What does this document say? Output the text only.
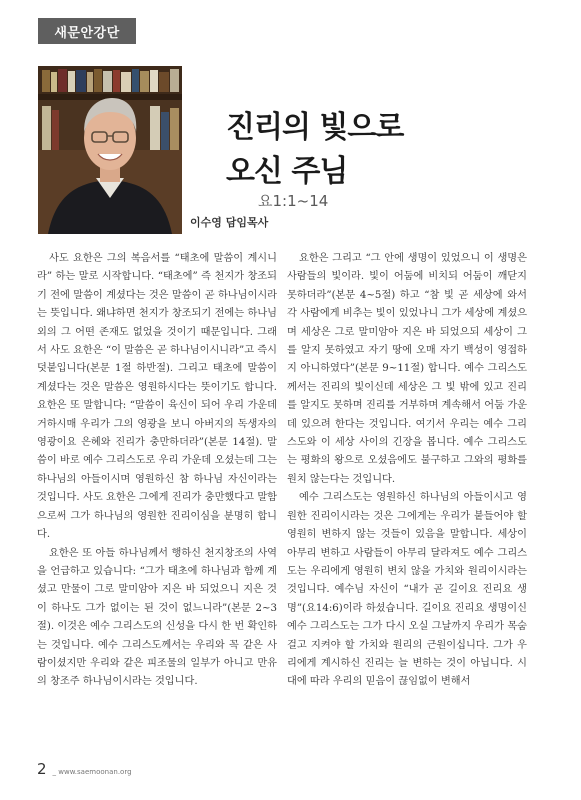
새문안강단
이수영 담임목사
진리의 빛으로
오신 주님
요1:1~14

사도 요한은 그의 복음서를 “태초에 말씀이 계시니라” 하는 말로 시작합니다. “태초에” 즉 천지가 창조되기 전에 말씀이 계셨다는 것은 말씀이 곧 하나님이시라는 뜻입니다. 왜냐하면 천지가 창조되기 전에는 하나님 외의 그 어떤 존재도 없었을 것이기 때문입니다. 그래서 사도 요한은 “이 말씀은 곧 하나님이시니라”고 즉시 덧붙입니다(본문 1절 하반절). 그리고 태초에 말씀이 계셨다는 것은 말씀은 영원하시다는 뜻이기도 합니다. 요한은 또 말합니다: “말씀이 육신이 되어 우리 가운데 거하시매 우리가 그의 영광을 보니 아버지의 독생자의 영광이요 은혜와 진리가 충만하더라”(본문 14절). 말씀이 바로 예수 그리스도로 우리 가운데 오셨는데 그는 하나님의 아들이시며 영원하신 참 하나님 자신이라는 것입니다. 사도 요한은 그에게 진리가 충만했다고 말함으로써 그가 하나님의 영원한 진리이심을 분명히 합니다.

요한은 또 아들 하나님께서 행하신 천지창조의 사역을 언급하고 있습니다: “그가 태초에 하나님과 함께 계셨고 만물이 그로 말미암아 지은 바 되었으니 지은 것이 하나도 그가 없이는 된 것이 없느니라”(본문 2~3절). 이것은 예수 그리스도의 신성을 다시 한 번 확인하는 것입니다. 예수 그리스도께서는 우리와 꼭 같은 사람이셨지만 우리와 같은 피조물의 일부가 아니고 만유의 창조주 하나님이시라는 것입니다.

요한은 그리고 “그 안에 생명이 있었으니 이 생명은 사람들의 빛이라. 빛이 어둠에 비치되 어둠이 깨닫지 못하더라”(본문 4~5절) 하고 “참 빛 곧 세상에 와서 각 사람에게 비추는 빛이 있었나니 그가 세상에 계셨으며 세상은 그로 말미암아 지은 바 되었으되 세상이 그를 알지 못하였고 자기 땅에 오매 자기 백성이 영접하지 아니하였다”(본문 9~11절) 합니다. 예수 그리스도께서는 진리의 빛이신데 세상은 그 빛 밖에 있고 진리를 알지도 못하며 진리를 거부하며 계속해서 어둠 가운데 있으려 한다는 것입니다. 여기서 우리는 예수 그리스도와 이 세상 사이의 긴장을 봅니다. 예수 그리스도는 평화의 왕으로 오셨음에도 불구하고 그와의 평화를 원치 않는다는 것입니다.

예수 그리스도는 영원하신 하나님의 아들이시고 영원한 진리이시라는 것은 그에게는 우리가 붙들어야 할 영원히 변하지 않는 것들이 있음을 말합니다. 세상이 아무리 변하고 사람들이 아무리 달라져도 예수 그리스도는 우리에게 영원히 변치 않을 가치와 원리이시라는 것입니다. 예수님 자신이 “내가 곧 길이요 진리요 생명”(요14:6)이라 하셨습니다. 길이요 진리요 생명이신 예수 그리스도는 그가 다시 오실 그날까지 우리가 목숨 걸고 지켜야 할 가치와 원리의 근원이십니다. 그가 우리에게 계시하신 진리는 늘 변하는 것이 아닙니다. 시대에 따라 우리의 믿음이 끊임없이 변해서

2 _ www.saemoonan.org
